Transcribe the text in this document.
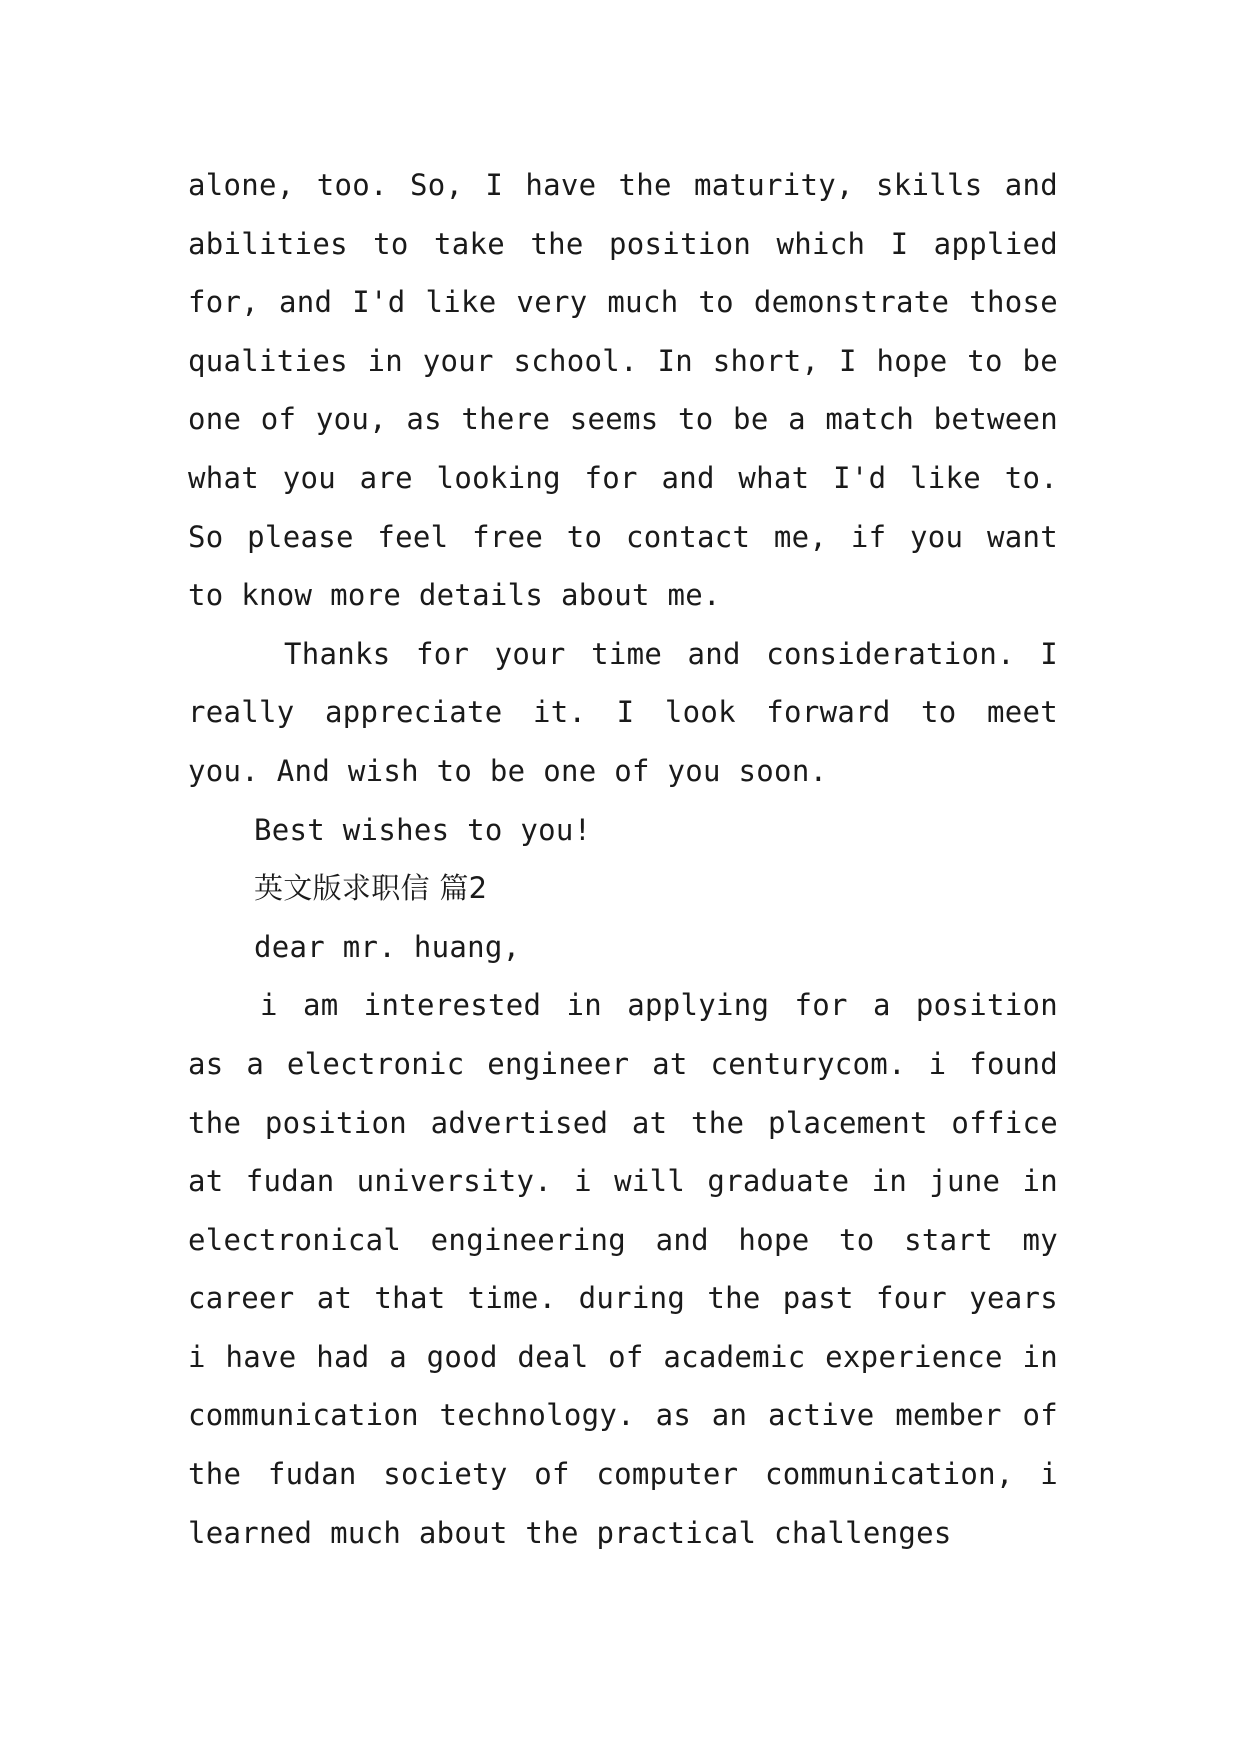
alone, too. So, I have the maturity, skills and abilities to take the position which I applied for, and I'd like very much to demonstrate those qualities in your school. In short, I hope to be one of you, as there seems to be a match between what you are looking for and what I'd like to. So please feel free to contact me, if you want to know more details about me.

Thanks for your time and consideration. I really appreciate it. I look forward to meet you. And wish to be one of you soon.

Best wishes to you!

英文版求职信 篇2

dear mr. huang,

i am interested in applying for a position as a electronic engineer at centurycom. i found the position advertised at the placement office at fudan university. i will graduate in june in electronical engineering and hope to start my career at that time. during the past four years i have had a good deal of academic experience in communication technology. as an active member of the fudan society of computer communication, i learned much about the practical challenges
